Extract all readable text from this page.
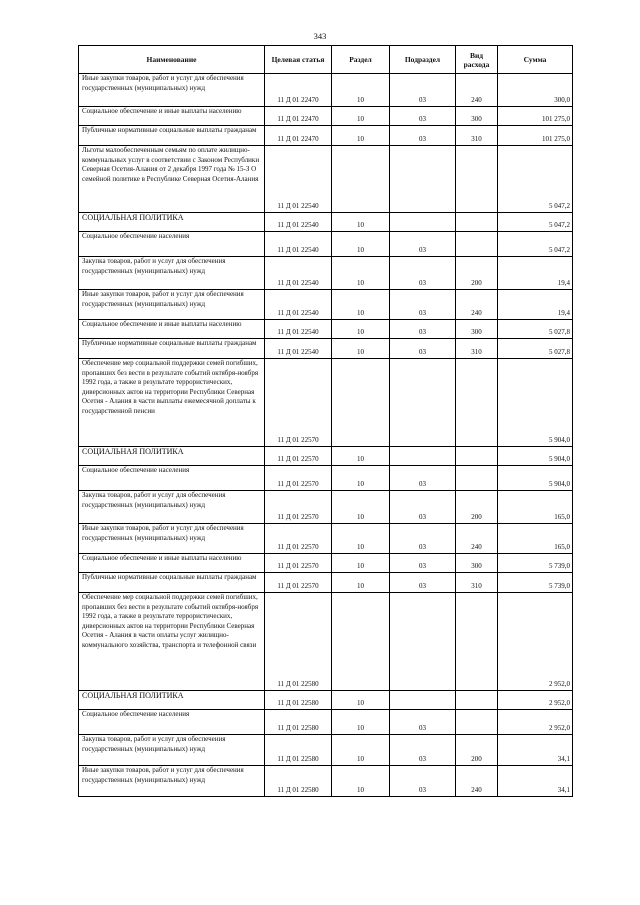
343
Наименование	Целевая статья	Раздел	Подраздел	Вид расхода	Сумма
Иные закупки товаров, работ и услуг для обеспечения государственных (муниципальных) нужд	11 Д 01 22470	10	03	240	300,0
Социальное обеспечение и иные выплаты населению	11 Д 01 22470	10	03	300	101 275,0
Публичные нормативные социальные выплаты гражданам	11 Д 01 22470	10	03	310	101 275,0
Льготы малообеспеченным семьям по оплате жилищно-коммунальных услуг в соответствии с Законом Республики Северная Осетия-Алания от 2 декабря 1997 года № 15-З О семейной политике в Республике Северная Осетия-Алания	11 Д 01 22540				5 047,2
СОЦИАЛЬНАЯ ПОЛИТИКА	11 Д 01 22540	10			5 047,2
Социальное обеспечение населения	11 Д 01 22540	10	03		5 047,2
Закупка товаров, работ и услуг для обеспечения государственных (муниципальных) нужд	11 Д 01 22540	10	03	200	19,4
Иные закупки товаров, работ и услуг для обеспечения государственных (муниципальных) нужд	11 Д 01 22540	10	03	240	19,4
Социальное обеспечение и иные выплаты населению	11 Д 01 22540	10	03	300	5 027,8
Публичные нормативные социальные выплаты гражданам	11 Д 01 22540	10	03	310	5 027,8
Обеспечение мер социальной поддержки семей погибших, пропавших без вести в результате событий октября-ноября 1992 года, а также в результате террористических, диверсионных актов на территории Республики Северная Осетия - Алания в части выплаты ежемесячной доплаты к государственной пенсии	11 Д 01 22570				5 904,0
СОЦИАЛЬНАЯ ПОЛИТИКА	11 Д 01 22570	10			5 904,0
Социальное обеспечение населения	11 Д 01 22570	10	03		5 904,0
Закупка товаров, работ и услуг для обеспечения государственных (муниципальных) нужд	11 Д 01 22570	10	03	200	165,0
Иные закупки товаров, работ и услуг для обеспечения государственных (муниципальных) нужд	11 Д 01 22570	10	03	240	165,0
Социальное обеспечение и иные выплаты населению	11 Д 01 22570	10	03	300	5 739,0
Публичные нормативные социальные выплаты гражданам	11 Д 01 22570	10	03	310	5 739,0
Обеспечение мер социальной поддержки семей погибших, пропавших без вести в результате событий октября-ноября 1992 года, а также в результате террористических, диверсионных актов на территории Республики Северная Осетия - Алания в части оплаты услуг жилищно-коммунального хозяйства, транспорта и телефонной связи	11 Д 01 22580				2 952,0
СОЦИАЛЬНАЯ ПОЛИТИКА	11 Д 01 22580	10			2 952,0
Социальное обеспечение населения	11 Д 01 22580	10	03		2 952,0
Закупка товаров, работ и услуг для обеспечения государственных (муниципальных) нужд	11 Д 01 22580	10	03	200	34,1
Иные закупки товаров, работ и услуг для обеспечения государственных (муниципальных) нужд	11 Д 01 22580	10	03	240	34,1
